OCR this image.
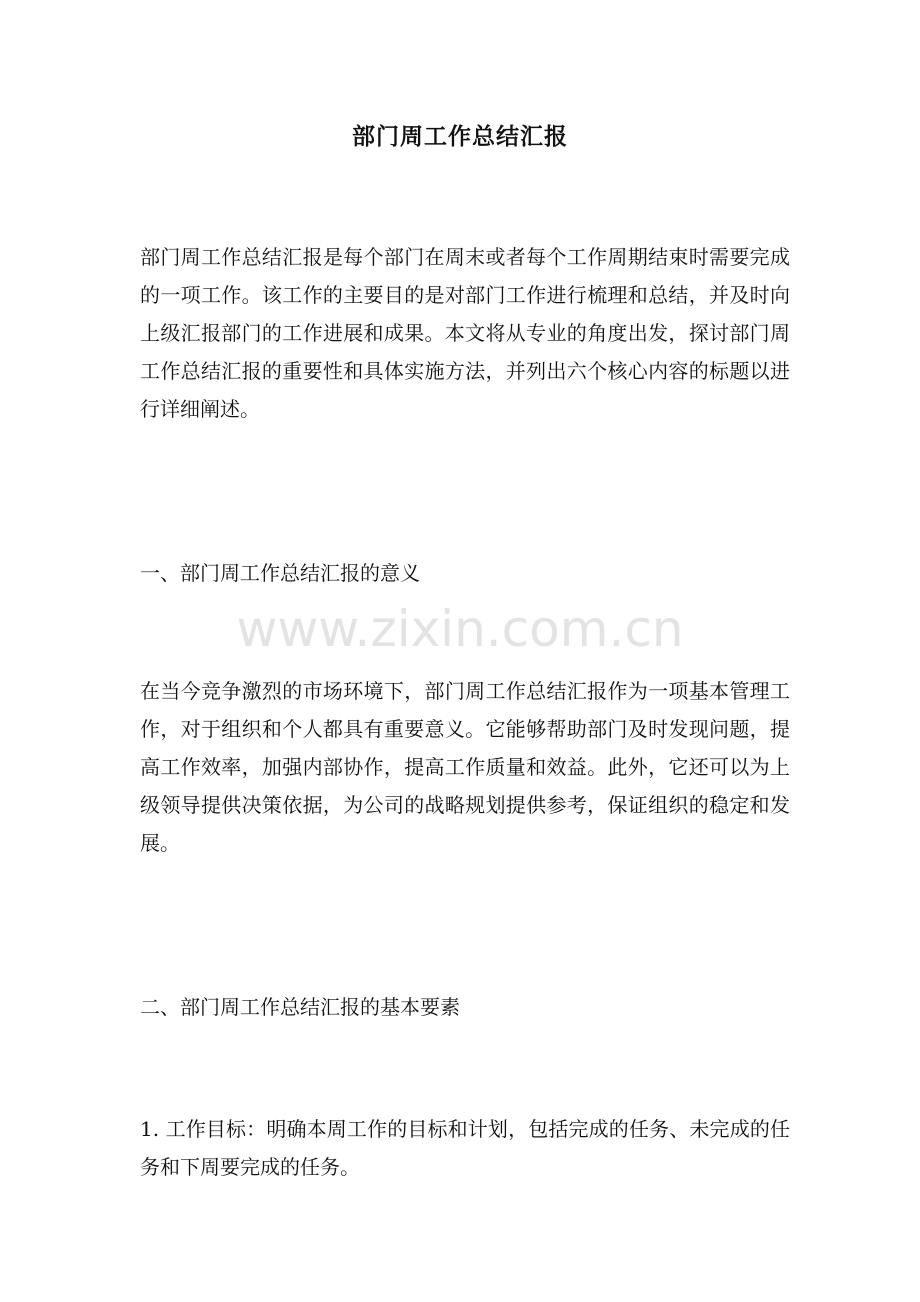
www.zixin.com.cn
部门周工作总结汇报
部门周工作总结汇报是每个部门在周末或者每个工作周期结束时需要完成的一项工作。该工作的主要目的是对部门工作进行梳理和总结，并及时向上级汇报部门的工作进展和成果。本文将从专业的角度出发，探讨部门周工作总结汇报的重要性和具体实施方法，并列出六个核心内容的标题以进行详细阐述。
一、部门周工作总结汇报的意义
在当今竞争激烈的市场环境下，部门周工作总结汇报作为一项基本管理工作，对于组织和个人都具有重要意义。它能够帮助部门及时发现问题，提高工作效率，加强内部协作，提高工作质量和效益。此外，它还可以为上级领导提供决策依据，为公司的战略规划提供参考，保证组织的稳定和发展。
二、部门周工作总结汇报的基本要素
1. 工作目标：明确本周工作的目标和计划，包括完成的任务、未完成的任务和下周要完成的任务。
